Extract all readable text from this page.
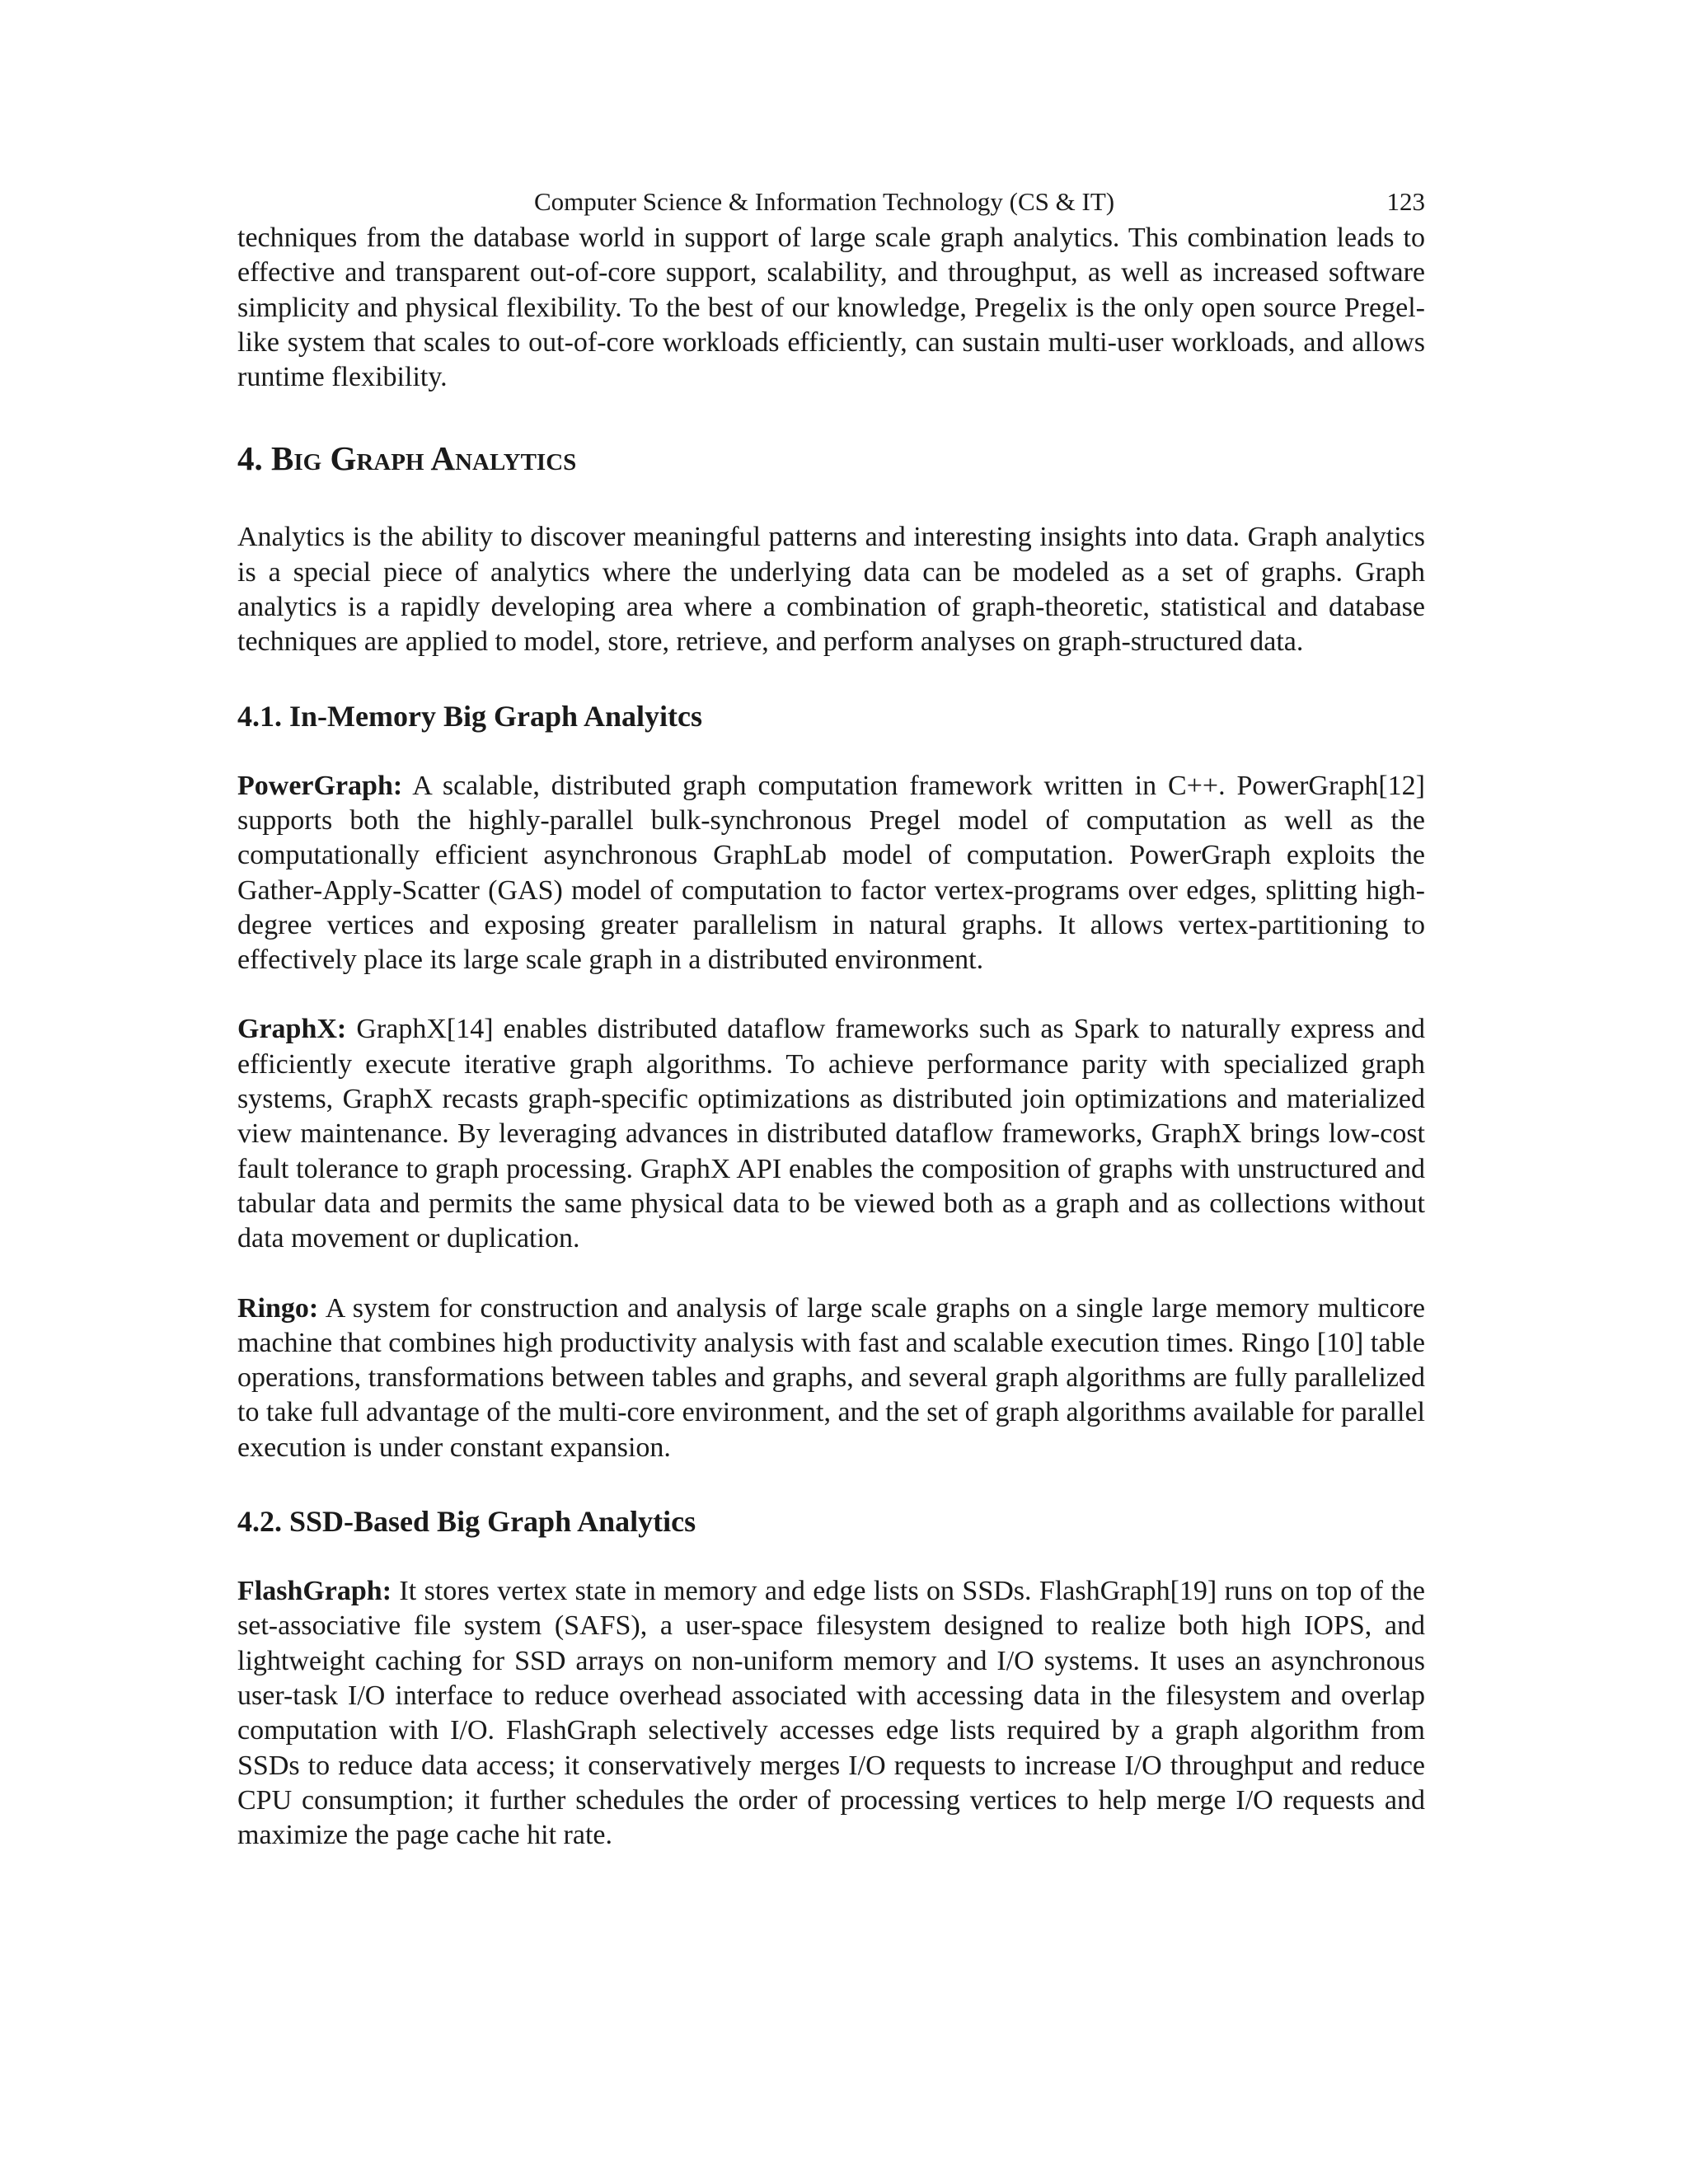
Computer Science & Information Technology (CS & IT)	123

techniques from the database world in support of large scale graph analytics. This combination leads to effective and transparent out-of-core support, scalability, and throughput, as well as increased software simplicity and physical flexibility. To the best of our knowledge, Pregelix is the only open source Pregel-like system that scales to out-of-core workloads efficiently, can sustain multi-user workloads, and allows runtime flexibility.

4. Big Graph Analytics

Analytics is the ability to discover meaningful patterns and interesting insights into data. Graph analytics is a special piece of analytics where the underlying data can be modeled as a set of graphs. Graph analytics is a rapidly developing area where a combination of graph-theoretic, statistical and database techniques are applied to model, store, retrieve, and perform analyses on graph-structured data.

4.1. In-Memory Big Graph Analyitcs

PowerGraph: A scalable, distributed graph computation framework written in C++. PowerGraph[12] supports both the highly-parallel bulk-synchronous Pregel model of computation as well as the computationally efficient asynchronous GraphLab model of computation. PowerGraph exploits the Gather-Apply-Scatter (GAS) model of computation to factor vertex-programs over edges, splitting high-degree vertices and exposing greater parallelism in natural graphs. It allows vertex-partitioning to effectively place its large scale graph in a distributed environment.

GraphX: GraphX[14] enables distributed dataflow frameworks such as Spark to naturally express and efficiently execute iterative graph algorithms. To achieve performance parity with specialized graph systems, GraphX recasts graph-specific optimizations as distributed join optimizations and materialized view maintenance. By leveraging advances in distributed dataflow frameworks, GraphX brings low-cost fault tolerance to graph processing. GraphX API enables the composition of graphs with unstructured and tabular data and permits the same physical data to be viewed both as a graph and as collections without data movement or duplication.

Ringo: A system for construction and analysis of large scale graphs on a single large memory multicore machine that combines high productivity analysis with fast and scalable execution times. Ringo [10] table operations, transformations between tables and graphs, and several graph algorithms are fully parallelized to take full advantage of the multi-core environment, and the set of graph algorithms available for parallel execution is under constant expansion.

4.2. SSD-Based Big Graph Analytics

FlashGraph: It stores vertex state in memory and edge lists on SSDs. FlashGraph[19] runs on top of the set-associative file system (SAFS), a user-space filesystem designed to realize both high IOPS, and lightweight caching for SSD arrays on non-uniform memory and I/O systems. It uses an asynchronous user-task I/O interface to reduce overhead associated with accessing data in the filesystem and overlap computation with I/O. FlashGraph selectively accesses edge lists required by a graph algorithm from SSDs to reduce data access; it conservatively merges I/O requests to increase I/O throughput and reduce CPU consumption; it further schedules the order of processing vertices to help merge I/O requests and maximize the page cache hit rate.
